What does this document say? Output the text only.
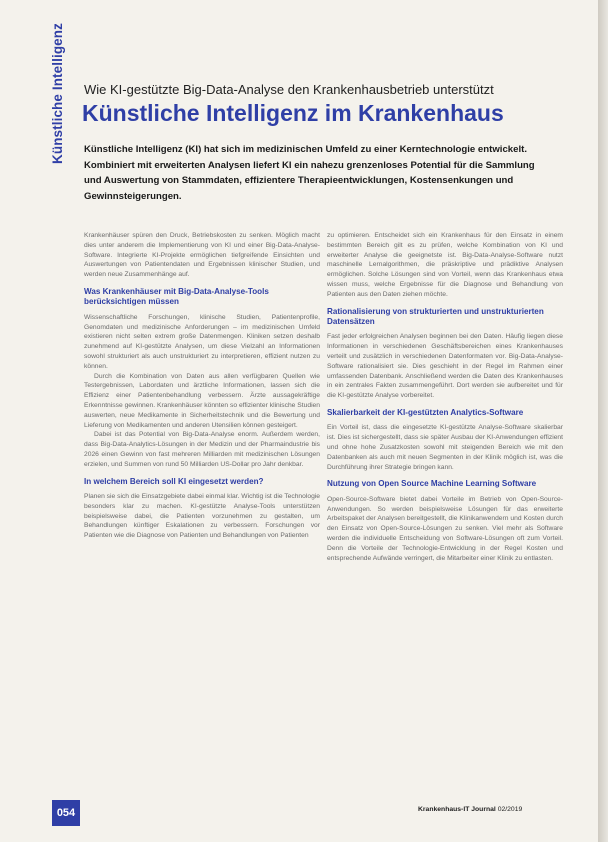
Künstliche Intelligenz Wie KI-gestützte Big-Data-Analyse den Krankenhausbetrieb unterstützt
Künstliche Intelligenz im Krankenhaus
Künstliche Intelligenz (KI) hat sich im medizinischen Umfeld zu einer Kerntechnologie entwickelt. Kombiniert mit erweiterten Analysen liefert KI ein nahezu grenzenloses Potential für die Sammlung und Auswertung von Stammdaten, effizientere Therapieentwicklungen, Kostensenkungen und Gewinnsteigerungen.

Krankenhäuser spüren den Druck, Betriebskosten zu senken. Möglich macht dies unter anderem die Implementierung von KI und einer Big-Data-Analyse-Software. Integrierte KI-Projekte ermöglichen tiefgreifende Einsichten und Auswertungen von Patientendaten und Ergebnissen klinischer Studien, und werden neue Zusammenhänge auf.

Was Krankenhäuser mit Big-Data-Analyse-Tools berücksichtigen müssen

Wissenschaftliche Forschungen, klinische Studien, Patientenprofile, Genomdaten und medizinische Anforderungen – im medizinischen Umfeld existieren nicht selten extrem große Datenmengen. Kliniken setzen deshalb zunehmend auf KI-gestützte Analysen, um diese Vielzahl an Informationen sowohl strukturiert als auch unstrukturiert zu interpretieren, effizient nutzen zu können.

Durch die Kombination von Daten aus allen verfügbaren Quellen wie Testergebnissen, Labordaten und ärztliche Informationen, lassen sich die Effizienz einer Patientenbehandlung verbessern. Ärzte aussagekräftige Erkenntnisse gewinnen. Krankenhäuser könnten so effizienter klinische Studien auswerten, neue Medikamente in Sicherheitstechnik und die Bewertung und Lieferung von Medikamenten und anderen Utensilien können gesteigert.

Dabei ist das Potential von Big-Data-Analyse enorm. Außerdem werden, dass Big-Data-Analytics-Lösungen in der Medizin und der Pharmaindustrie bis 2026 einen Gewinn von fast mehreren Milliarden mit medizinischen Lösungen erzielen, und Summen von rund 50 Milliarden US-Dollar pro Jahr denkbar.

In welchem Bereich soll KI eingesetzt werden?

Planen sie sich die Einsatzgebiete dabei einmal klar. Wichtig ist die Technologie besonders klar zu machen. KI-gestützte Analyse-Tools unterstützen beispielsweise dabei, die Patienten vorzunehmen zu gestalten, um Behandlungen künftiger Eskalationen zu verbessern. Forschungen vor Patienten wie die Diagnose von Patienten und Behandlungen von Patienten

zu optimieren. Entscheidet sich ein Krankenhaus für den Einsatz in einem bestimmten Bereich gilt es zu prüfen, welche Kombination von KI und erweiterter Analyse die geeignetste ist. Big-Data-Analyse-Software nutzt maschinelle Lernalgorithmen, die präskriptive und prädiktive Analysen ermöglichen. Solche Lösungen sind von Vorteil, wenn das Krankenhaus etwa wissen muss, welche Ergebnisse für die Diagnose und Behandlung von Patienten aus den Daten ziehen möchte.

Rationalisierung von strukturierten und unstrukturierten Datensätzen

Fast jeder erfolgreichen Analysen beginnen bei den Daten. Häufig liegen diese Informationen in verschiedenen Geschäftsbereichen eines Krankenhauses verteilt und zusätzlich in verschiedenen Datenformaten vor. Big-Data-Analyse-Software rationalisiert sie. Dies geschieht in der Regel im Rahmen einer umfassenden Datenbank. Anschließend werden die Daten des Krankenhauses in ein zentrales Fakten zusammengeführt. Dort werden sie aufbereitet und für die KI-gestützte Analyse vorbereitet.

Skalierbarkeit der KI-gestützten Analytics-Software

Ein Vorteil ist, dass die eingesetzte KI-gestützte Analyse-Software skalierbar ist. Dies ist sichergestellt, dass sie später Ausbau der KI-Anwendungen effizient und ohne hohe Zusatzkosten sowohl mit steigenden Bereich wie mit den Datenbanken als auch mit neuen Segmenten in der Klinik möglich ist, was die Durchführung ihrer Strategie bringen kann.

Nutzung von Open Source Machine Learning Software

Open-Source-Software bietet dabei Vorteile im Betrieb von Open-Source-Anwendungen. So werden beispielsweise Lösungen für das erweiterte Arbeitspaket der Analysen bereitgestellt, die Klinikanwendern und Kosten durch den Einsatz von Open-Source-Lösungen zu senken. Viel mehr als Software werden die individuelle Entscheidung von Software-Lösungen oft zum Vorteil. Denn die Vorteile der Technologie-Entwicklung in der Regel Kosten und entsprechende Aufwände verringert, die Mitarbeiter einer Klinik zu entlasten.

054	Krankenhaus-IT Journal 02/2019
